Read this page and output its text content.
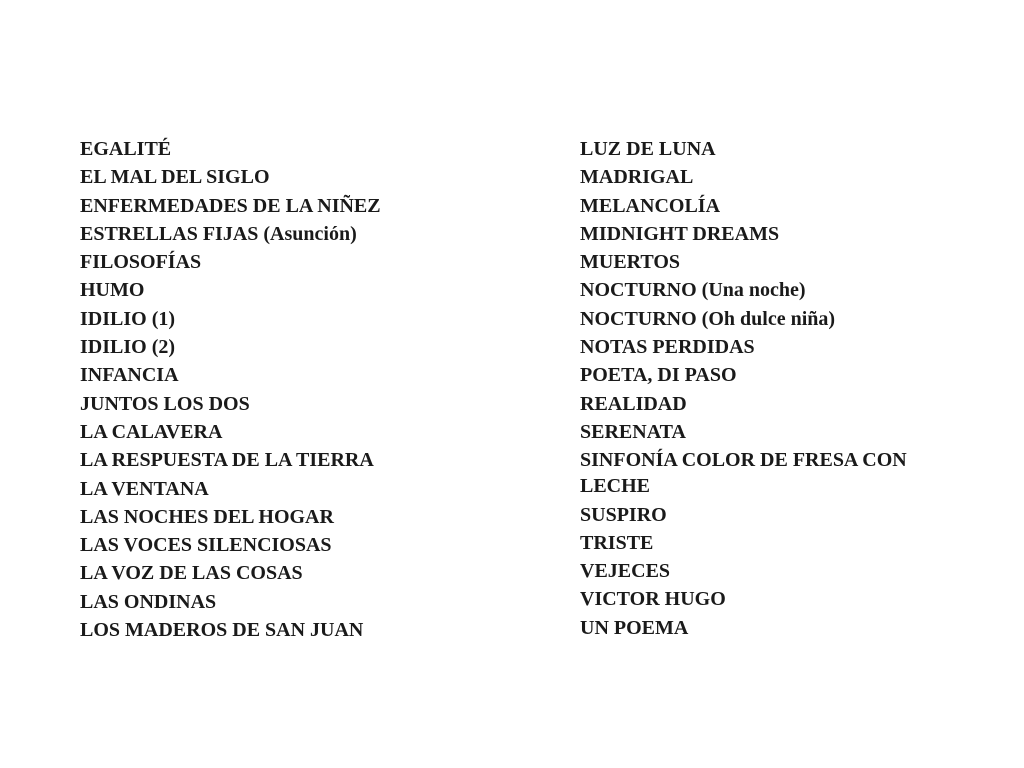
EGALITÉ
EL MAL DEL SIGLO
ENFERMEDADES DE LA NIÑEZ
ESTRELLAS FIJAS (Asunción)
FILOSOFÍAS
HUMO
IDILIO (1)
IDILIO (2)
INFANCIA
JUNTOS LOS DOS
LA CALAVERA
LA RESPUESTA DE LA TIERRA
LA VENTANA
LAS NOCHES DEL HOGAR
LAS VOCES SILENCIOSAS
LA VOZ DE LAS COSAS
LAS ONDINAS
LOS MADEROS DE SAN JUAN
LUZ DE LUNA
MADRIGAL
MELANCOLÍA
MIDNIGHT DREAMS
MUERTOS
NOCTURNO (Una noche)
NOCTURNO (Oh dulce niña)
NOTAS PERDIDAS
POETA, DI PASO
REALIDAD
SERENATA
SINFONÍA COLOR DE FRESA CON LECHE
SUSPIRO
TRISTE
VEJECES
VICTOR HUGO
UN POEMA
